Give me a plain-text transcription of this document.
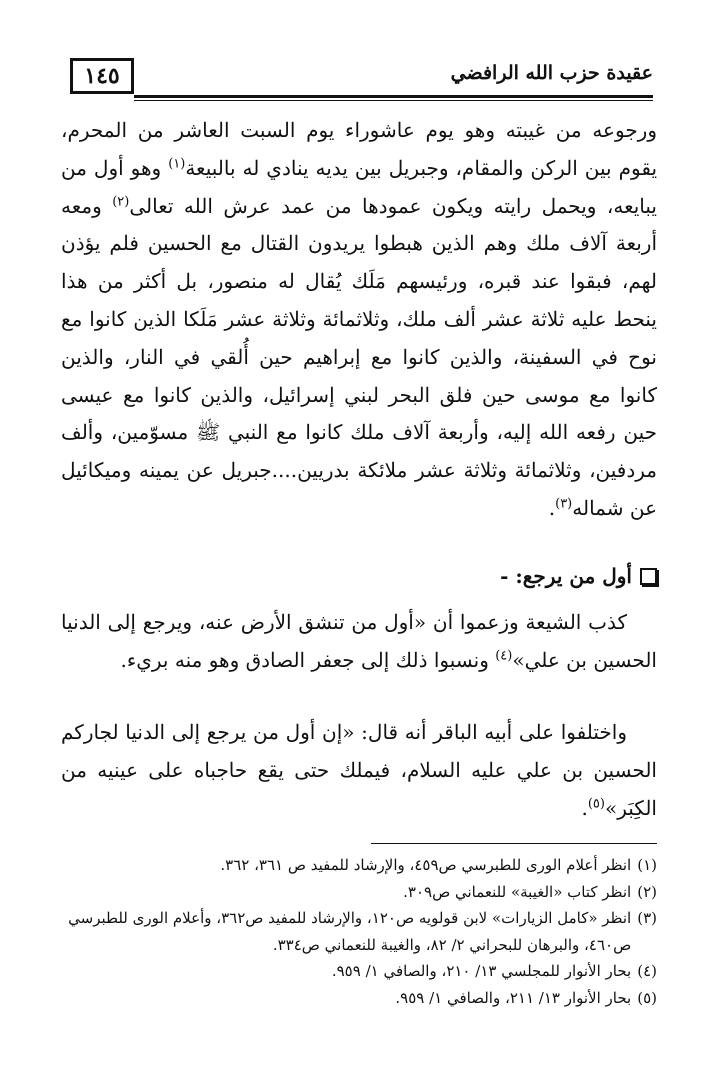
١٤٥	عقيدة حزب الله الرافضي

ورجوعه من غيبته وهو يوم عاشوراء يوم السبت العاشر من المحرم، يقوم بين الركن والمقام، وجبريل بين يديه ينادي له بالبيعة$^{(١)}$ وهو أول من يبايعه، ويحمل رايته ويكون عمودها من عمد عرش الله تعالى$^{(٢)}$ ومعه أربعة آلاف ملك وهم الذين هبطوا يريدون القتال مع الحسين فلم يؤذن لهم، فبقوا عند قبره، ورئيسهم مَلَك يُقال له منصور، بل أكثر من هذا ينحط عليه ثلاثة عشر ألف ملك، وثلاثمائة وثلاثة عشر مَلَكا الذين كانوا مع نوح في السفينة، والذين كانوا مع إبراهيم حين أُلقي في النار، والذين كانوا مع موسى حين فلق البحر لبني إسرائيل، والذين كانوا مع عيسى حين رفعه الله إليه، وأربعة آلاف ملك كانوا مع النبي ﷺ مسوّمين، وألف مردفين، وثلاثمائة وثلاثة عشر ملائكة بدريين....جبريل عن يمينه وميكائيل عن شماله$^{(٣)}$.

أول من يرجع: -

كذب الشيعة وزعموا أن «أول من تنشق الأرض عنه، ويرجع إلى الدنيا الحسين بن علي»$^{(٤)}$ ونسبوا ذلك إلى جعفر الصادق وهو منه بريء.

واختلفوا على أبيه الباقر أنه قال: «إن أول من يرجع إلى الدنيا لجاركم الحسين بن علي عليه السلام، فيملك حتى يقع حاجباه على عينيه من الكِبَر»$^{(٥)}$.

(١)
انظر أعلام الورى للطبرسي ص٤٥٩، والإرشاد للمفيد ص ٣٦١، ٣٦٢.
(٢)
انظر كتاب «الغيبة» للنعماني ص٣٠٩.
(٣)
انظر «كامل الزيارات» لابن قولويه ص١٢٠، والإرشاد للمفيد ص٣٦٢، وأعلام الورى للطبرسي ص٤٦٠، والبرهان للبحراني ٢/ ٨٢، والغيبة للنعماني ص٣٣٤.
(٤)
بحار الأنوار للمجلسي ١٣/ ٢١٠، والصافي ١/ ٩٥٩.
(٥)
بحار الأنوار ١٣/ ٢١١، والصافي ١/ ٩٥٩.
